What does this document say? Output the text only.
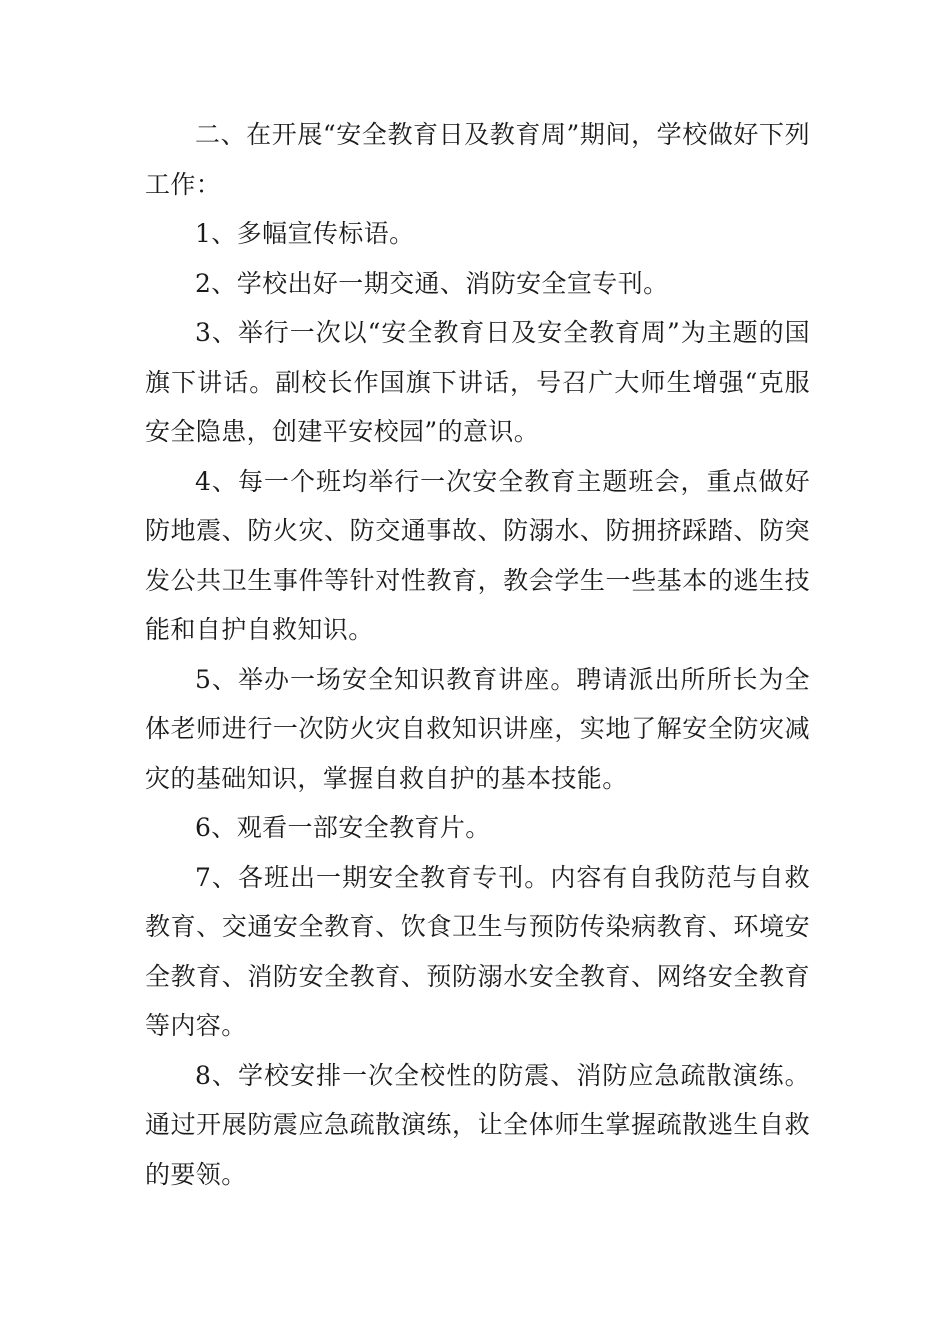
二、在开展“安全教育日及教育周”期间，学校做好下列工作：

1、多幅宣传标语。

2、学校出好一期交通、消防安全宣专刊。

3、举行一次以“安全教育日及安全教育周”为主题的国旗下讲话。副校长作国旗下讲话，号召广大师生增强“克服安全隐患，创建平安校园”的意识。

4、每一个班均举行一次安全教育主题班会，重点做好防地震、防火灾、防交通事故、防溺水、防拥挤踩踏、防突发公共卫生事件等针对性教育，教会学生一些基本的逃生技能和自护自救知识。

5、举办一场安全知识教育讲座。聘请派出所所长为全体老师进行一次防火灾自救知识讲座，实地了解安全防灾减灾的基础知识，掌握自救自护的基本技能。

6、观看一部安全教育片。

7、各班出一期安全教育专刊。内容有自我防范与自救教育、交通安全教育、饮食卫生与预防传染病教育、环境安全教育、消防安全教育、预防溺水安全教育、网络安全教育等内容。

8、学校安排一次全校性的防震、消防应急疏散演练。通过开展防震应急疏散演练，让全体师生掌握疏散逃生自救的要领。
